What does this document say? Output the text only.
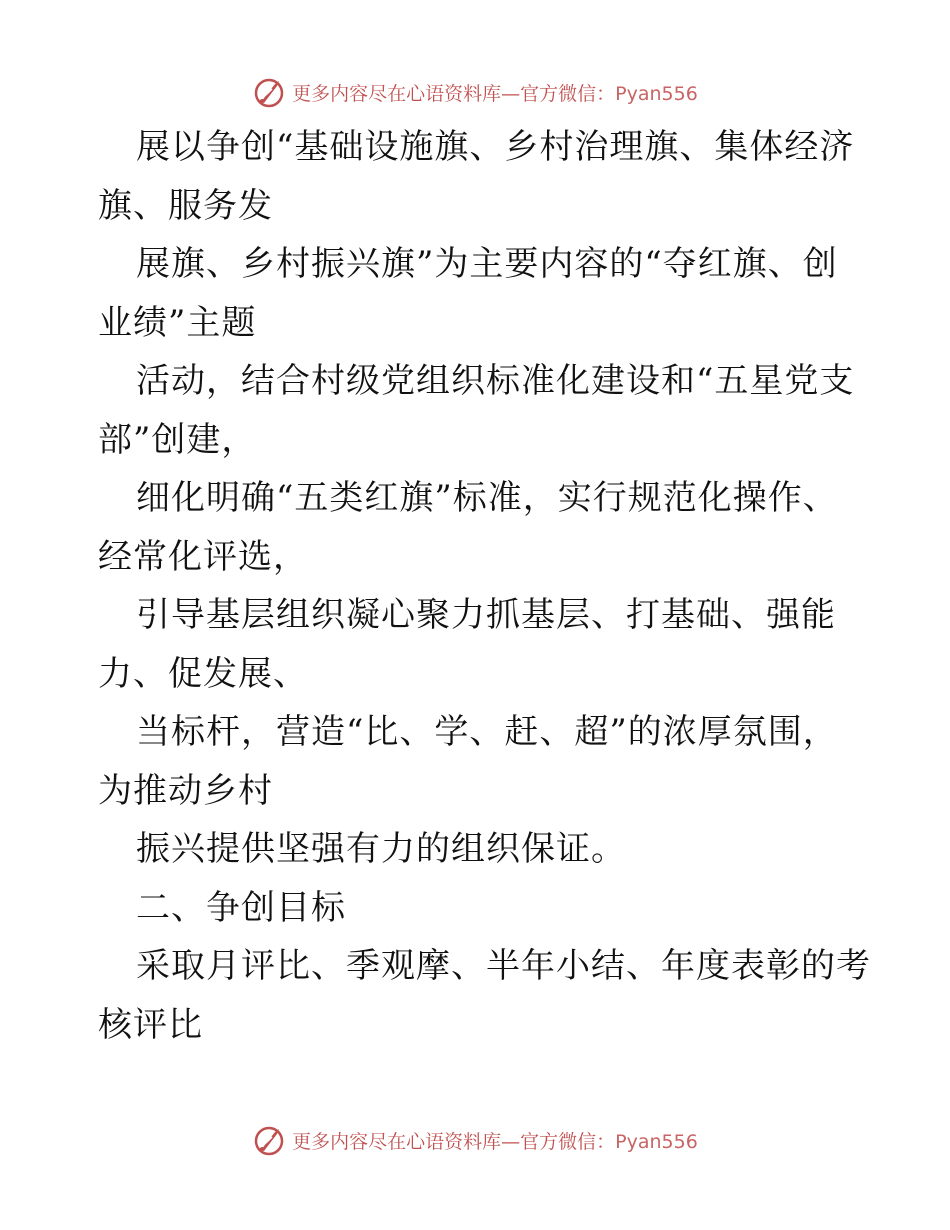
更多内容尽在心语资料库—官方微信：Pyan556
展以争创“基础设施旗、乡村治理旗、集体经济
旗、服务发
展旗、乡村振兴旗”为主要内容的“夺红旗、创
业绩”主题
活动，结合村级党组织标准化建设和“五星党支
部”创建，
细化明确“五类红旗”标准，实行规范化操作、
经常化评选，
引导基层组织凝心聚力抓基层、打基础、强能
力、促发展、
当标杆，营造“比、学、赶、超”的浓厚氛围，
为推动乡村
振兴提供坚强有力的组织保证。
二、争创目标
采取月评比、季观摩、半年小结、年度表彰的考
核评比
更多内容尽在心语资料库—官方微信：Pyan556
